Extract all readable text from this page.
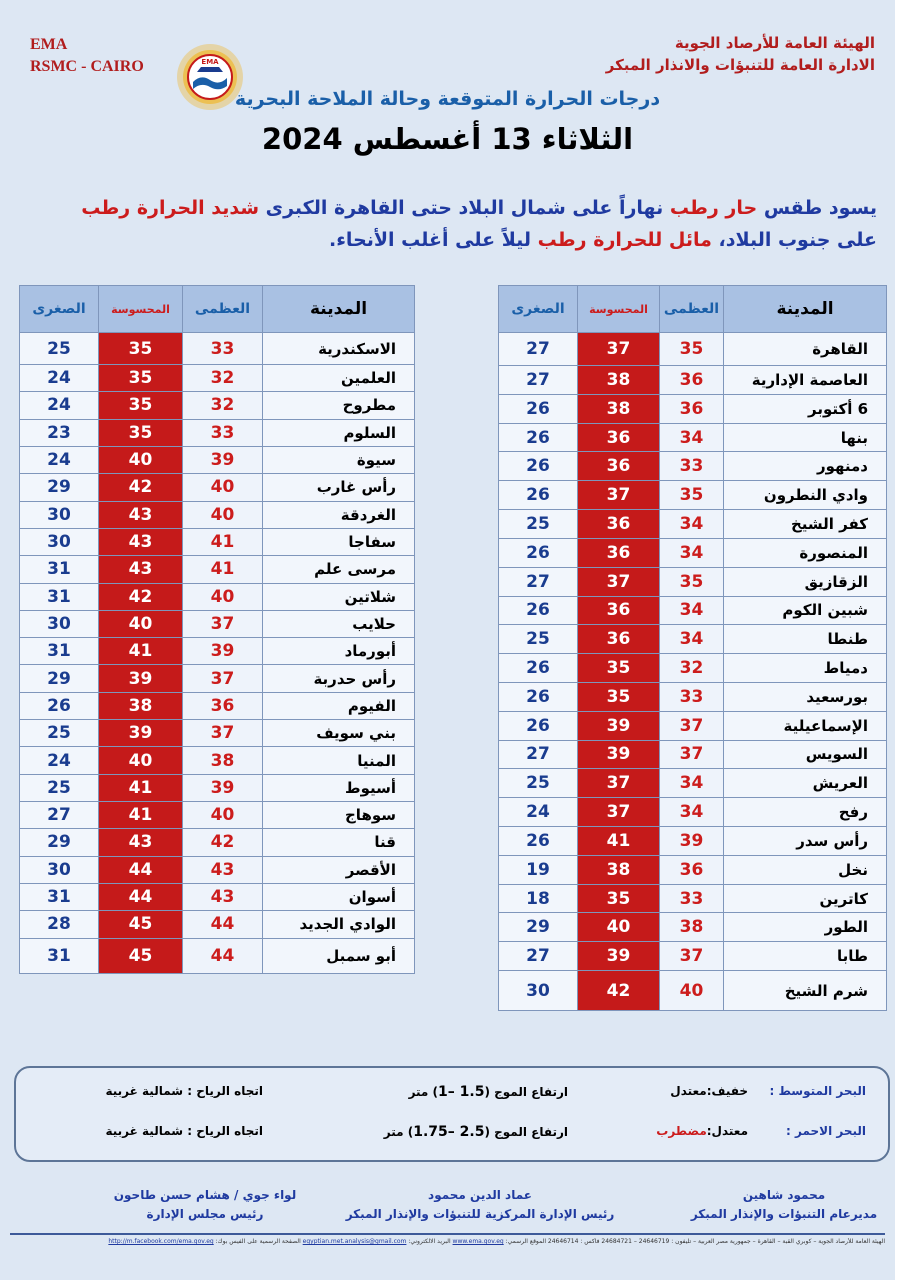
EMA
RSMC - CAIRO	EMA
الهيئة العامة للأرصاد الجوية
الادارة العامة للتنبؤات والانذار المبكر
درجات الحرارة المتوقعة وحالة الملاحة البحرية
الثلاثاء 13 أغسطس 2024
يسود طقس حار رطب نهاراً على شمال البلاد حتى القاهرة الكبرى شديد الحرارة رطب على جنوب البلاد، مائل للحرارة رطب ليلاً على أغلب الأنحاء.
المدينة	العظمى	المحسوسة	الصغرى
القاهرة	35	37	27
العاصمة الإدارية	36	38	27
6 أكتوبر	36	38	26
بنها	34	36	26
دمنهور	33	36	26
وادي النطرون	35	37	26
كفر الشيخ	34	36	25
المنصورة	34	36	26
الزقازيق	35	37	27
شبين الكوم	34	36	26
طنطا	34	36	25
دمياط	32	35	26
بورسعيد	33	35	26
الإسماعيلية	37	39	26
السويس	37	39	27
العريش	34	37	25
رفح	34	37	24
رأس سدر	39	41	26
نخل	36	38	19
كاترين	33	35	18
الطور	38	40	29
طابا	37	39	27
شرم الشيخ	40	42	30
المدينة	العظمى	المحسوسة	الصغرى
الاسكندرية	33	35	25
العلمين	32	35	24
مطروح	32	35	24
السلوم	33	35	23
سيوة	39	40	24
رأس غارب	40	42	29
الغردقة	40	43	30
سفاجا	41	43	30
مرسى علم	41	43	31
شلاتين	40	42	31
حلايب	37	40	30
أبورماد	39	41	31
رأس حدربة	37	39	29
الفيوم	36	38	26
بني سويف	37	39	25
المنيا	38	40	24
أسيوط	39	41	25
سوهاج	40	41	27
قنا	42	43	29
الأقصر	43	44	30
أسوان	43	44	31
الوادي الجديد	44	45	28
أبو سمبل	44	45	31
البحر المتوسط :
خفيف:معتدل
ارتفاع الموج (1– 1.5) متر
اتجاه الرياح : شمالية غربية
البحر الاحمر :
معتدل:مضطرب
ارتفاع الموج (1.75– 2.5) متر
اتجاه الرياح : شمالية غربية
محمود شاهين
مديرعام التنبؤات والإنذار المبكر
عماد الدين محمود
رئيس الإدارة المركزية للتنبؤات والإنذار المبكر
لواء جوي / هشام حسن طاحون
رئيس مجلس الإدارة
الهيئة العامة للأرصاد الجوية – كوبري القبة – القاهرة – جمهورية مصر العربية – تليفون : 24646719 – 24684721 فاكس : 24646714 الموقع الرسمي: www.ema.gov.eg البريد الالكتروني: egyptian.met.analysis@gmail.com الصفحة الرسمية على الفيس بوك: http://m.facebook.com/ema.gov.eg
